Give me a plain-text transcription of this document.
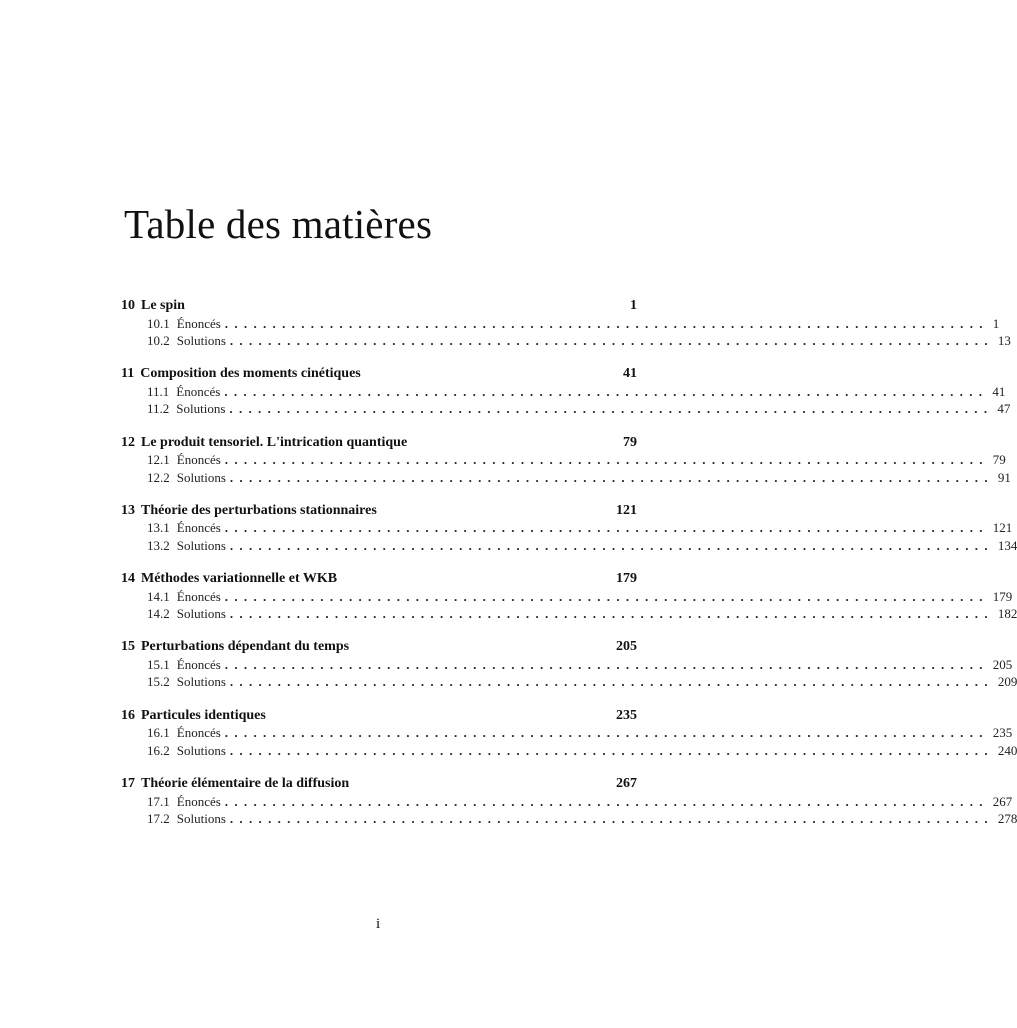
Table des matières
10 Le spin	1
10.1 Énoncés ................................................................................ 1
10.2 Solutions ................................................................................ 13
11 Composition des moments cinétiques	41
11.1 Énoncés ................................................................................ 41
11.2 Solutions ................................................................................ 47
12 Le produit tensoriel. L'intrication quantique	79
12.1 Énoncés ................................................................................ 79
12.2 Solutions ................................................................................ 91
13 Théorie des perturbations stationnaires	121
13.1 Énoncés ................................................................................ 121
13.2 Solutions ................................................................................ 134
14 Méthodes variationnelle et WKB	179
14.1 Énoncés ................................................................................ 179
14.2 Solutions ................................................................................ 182
15 Perturbations dépendant du temps	205
15.1 Énoncés ................................................................................ 205
15.2 Solutions ................................................................................ 209
16 Particules identiques	235
16.1 Énoncés ................................................................................ 235
16.2 Solutions ................................................................................ 240
17 Théorie élémentaire de la diffusion	267
17.1 Énoncés ................................................................................ 267
17.2 Solutions ................................................................................ 278
i
